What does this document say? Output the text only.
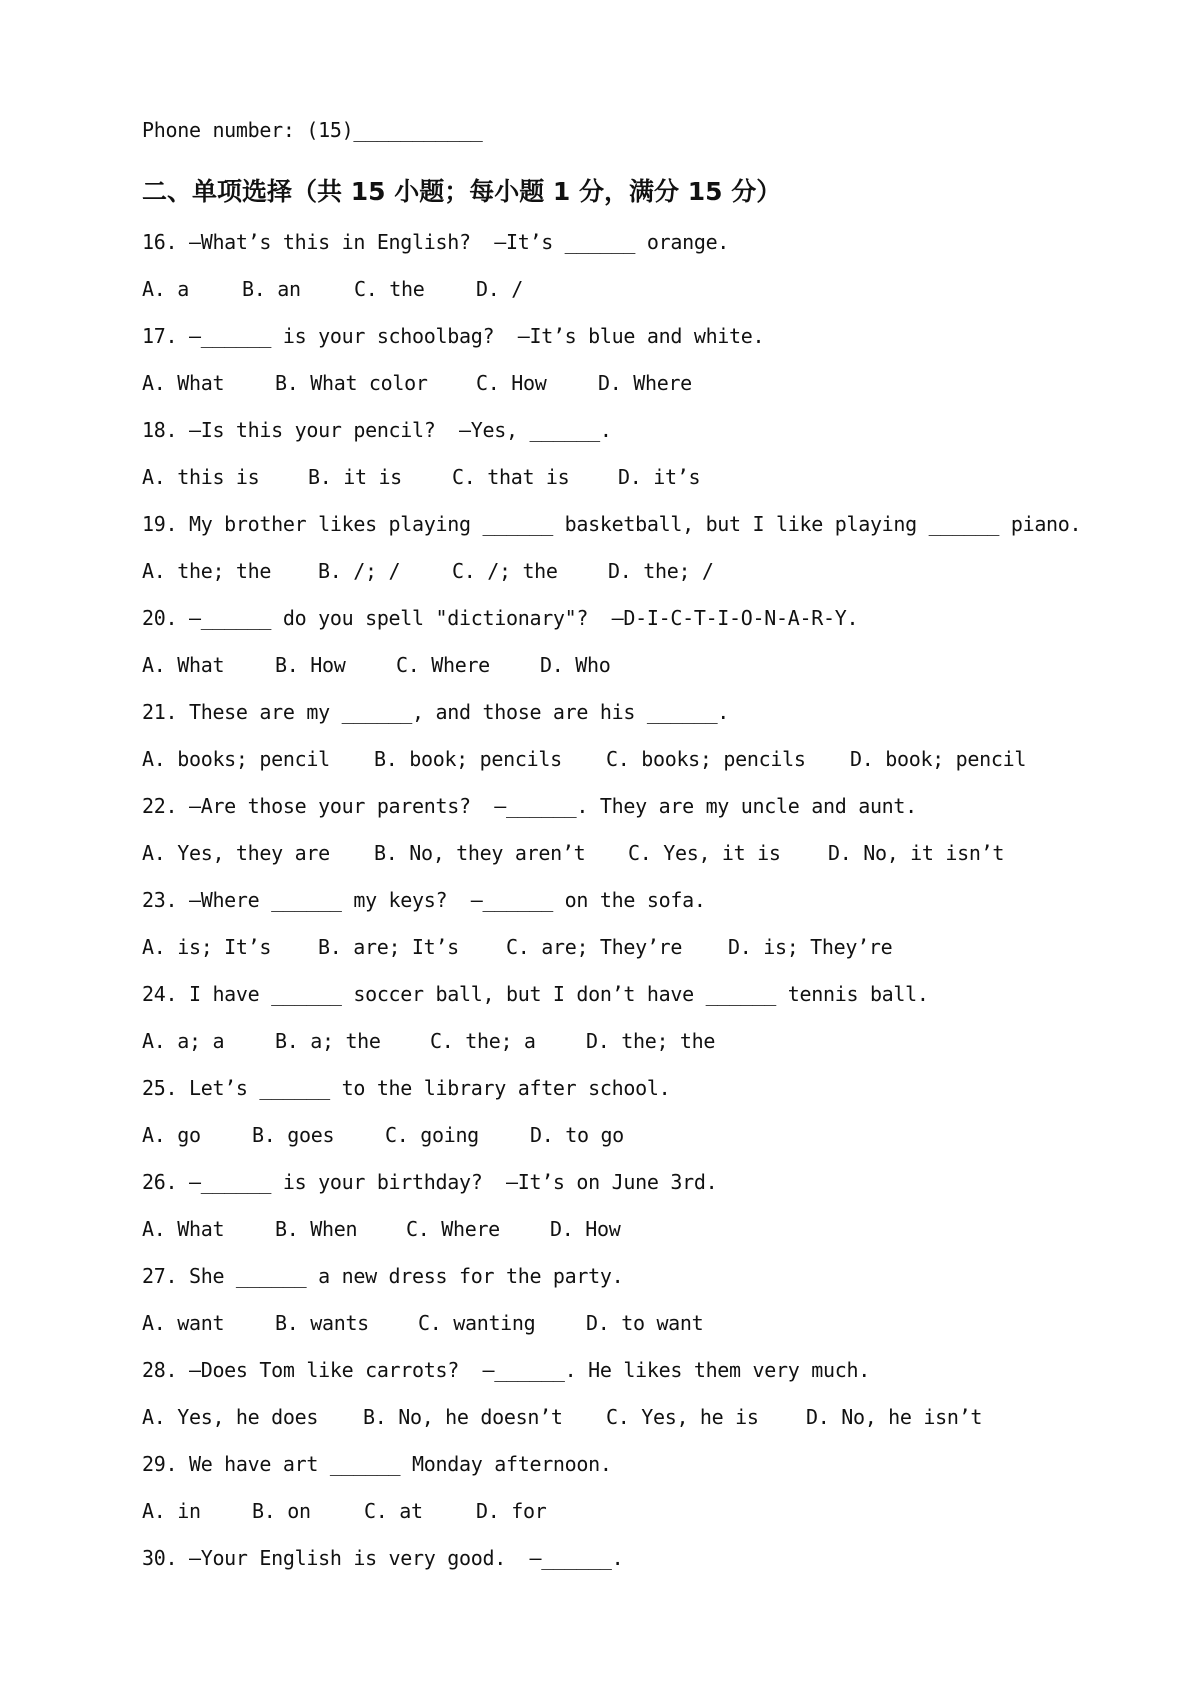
Phone number: (15)___________
二、单项选择（共 15 小题；每小题 1 分，满分 15 分）
16. —What’s this in English?  —It’s ______ orange.

A. a

	B. an

	C. the

	D. /

17. —______ is your schoolbag?  —It’s blue and white.

A. What

	B. What color

C. How

	D. Where

18. —Is this your pencil?  —Yes, ______.

A. this is

B. it is

	C. that is

D. it’s

19. My brother likes playing ______ basketball, but I like playing ______ piano.

A. the; the

B. /; /

	C. /; the

	D. the; /

20. —______ do you spell "dictionary"?  —D-I-C-T-I-O-N-A-R-Y.

A. What

	B. How

	C. Where

	D. Who

21. These are my ______, and those are his ______.

A. books; pencil

B. book; pencils

C. books; pencils

D. book; pencil

22. —Are those your parents?  —______. They are my uncle and aunt.

A. Yes, they are

B. No, they aren’t

C. Yes, it is

D. No, it isn’t

23. —Where ______ my keys?  —______ on the sofa.

A. is; It’s

B. are; It’s

C. are; They’re

D. is; They’re

24. I have ______ soccer ball, but I don’t have ______ tennis ball.

A. a; a

	B. a; the

C. the; a

	D. the; the

25. Let’s ______ to the library after school.

A. go

	B. goes

	C. going

	D. to go

26. —______ is your birthday?  —It’s on June 3rd.

A. What

	B. When

C. Where

	D. How

27. She ______ a new dress for the party.

A. want

	B. wants

C. wanting

	D. to want

28. —Does Tom like carrots?  —______. He likes them very much.

A. Yes, he does

B. No, he doesn’t

C. Yes, he is

D. No, he isn’t

29. We have art ______ Monday afternoon.

A. in

	B. on

	C. at

	D. for

30. —Your English is very good.  —______.
